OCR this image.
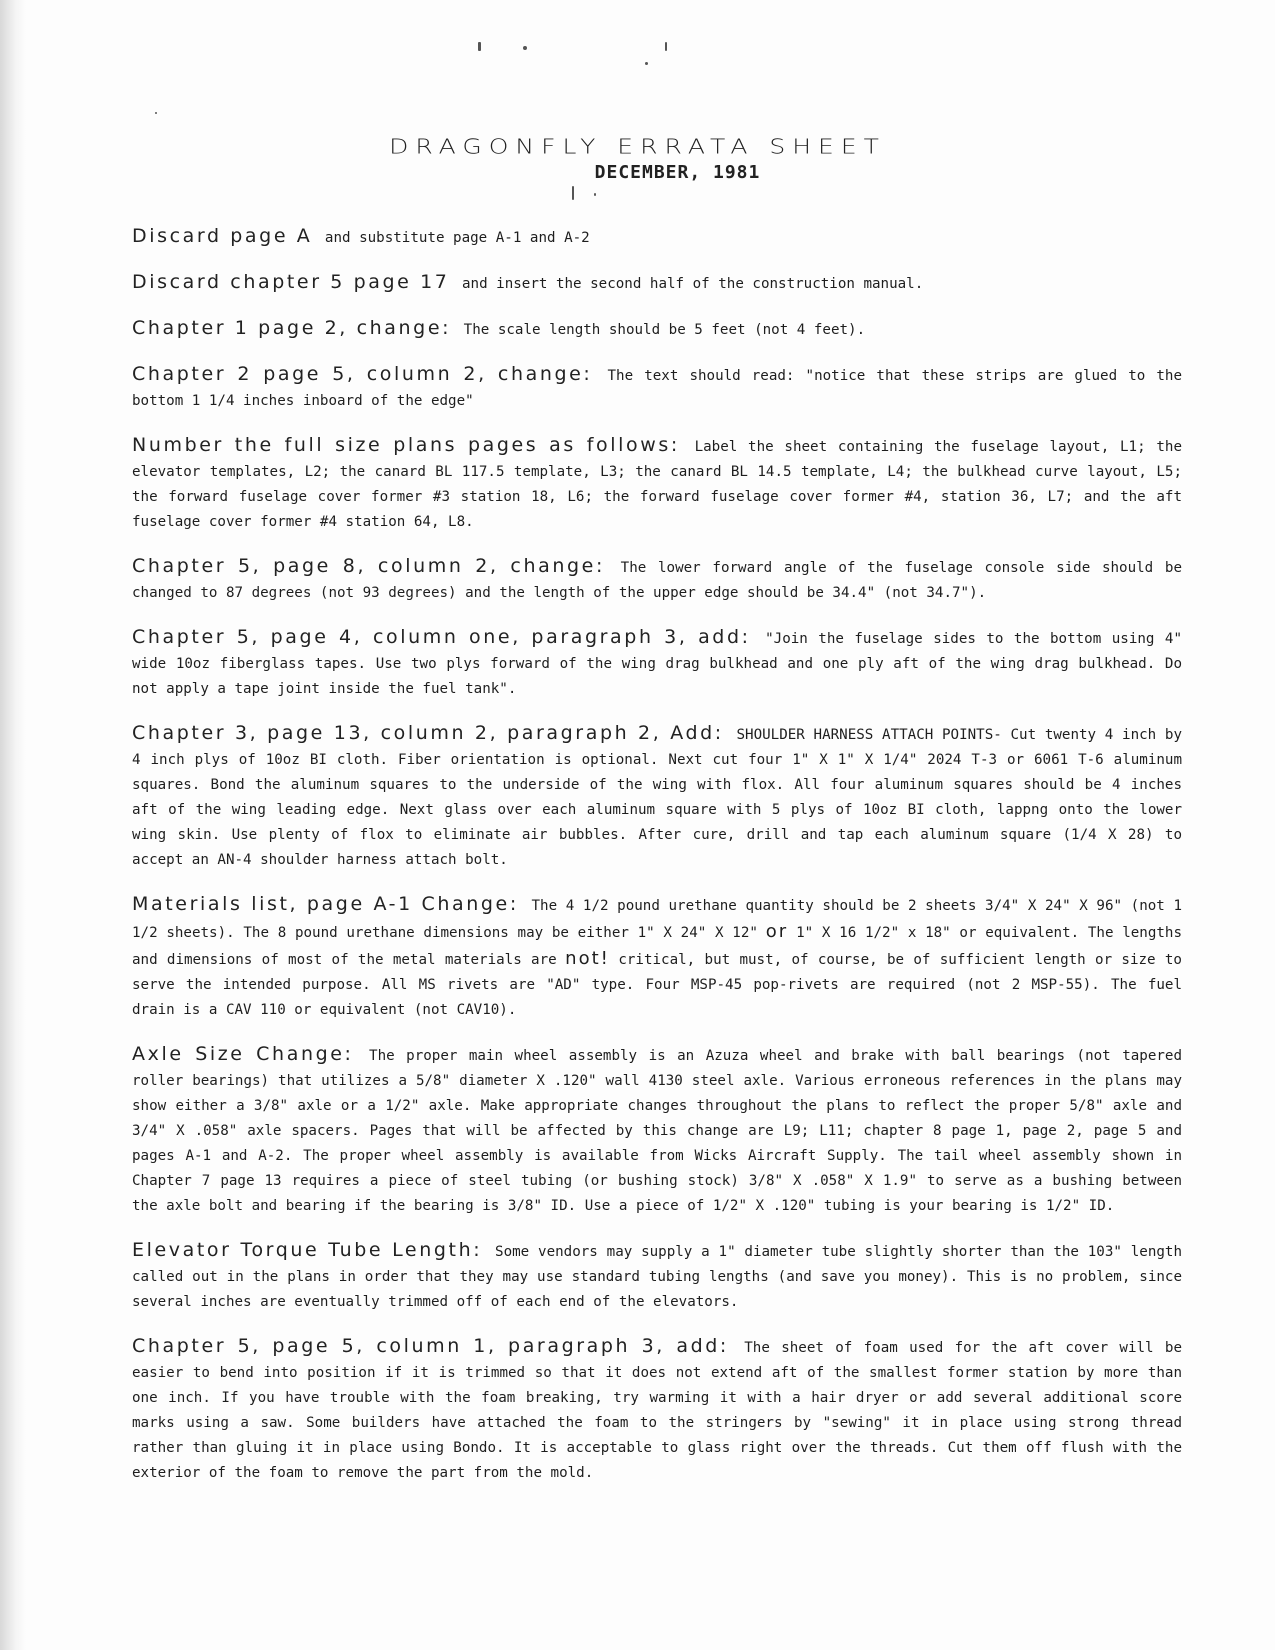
DRAGONFLY ERRATA SHEET
DECEMBER, 1981

Discard page A and substitute page A-1 and A-2

Discard chapter 5 page 17 and insert the second half of the construction manual.

Chapter 1 page 2, change: The scale length should be 5 feet (not 4 feet).

Chapter 2 page 5, column 2, change: The text should read: "notice that these strips are glued to the bottom 1 1/4 inches inboard of the edge"

Number the full size plans pages as follows: Label the sheet containing the fuselage layout, L1; the elevator templates, L2; the canard BL 117.5 template, L3; the canard BL 14.5 template, L4; the bulkhead curve layout, L5; the forward fuselage cover former #3 station 18, L6; the forward fuselage cover former #4, station 36, L7; and the aft fuselage cover former #4 station 64, L8.

Chapter 5, page 8, column 2, change: The lower forward angle of the fuselage console side should be changed to 87 degrees (not 93 degrees) and the length of the upper edge should be 34.4" (not 34.7").

Chapter 5, page 4, column one, paragraph 3, add: "Join the fuselage sides to the bottom using 4" wide 10oz fiberglass tapes. Use two plys forward of the wing drag bulkhead and one ply aft of the wing drag bulkhead. Do not apply a tape joint inside the fuel tank".

Chapter 3, page 13, column 2, paragraph 2, Add: SHOULDER HARNESS ATTACH POINTS- Cut twenty 4 inch by 4 inch plys of 10oz BI cloth. Fiber orientation is optional. Next cut four 1" X 1" X 1/4" 2024 T-3 or 6061 T-6 aluminum squares. Bond the aluminum squares to the underside of the wing with flox. All four aluminum squares should be 4 inches aft of the wing leading edge. Next glass over each aluminum square with 5 plys of 10oz BI cloth, lappng onto the lower wing skin. Use plenty of flox to eliminate air bubbles. After cure, drill and tap each aluminum square (1/4 X 28) to accept an AN-4 shoulder harness attach bolt.

Materials list, page A-1 Change: The 4 1/2 pound urethane quantity should be 2 sheets 3/4" X 24" X 96" (not 1 1/2 sheets). The 8 pound urethane dimensions may be either 1" X 24" X 12" or 1" X 16 1/2" x 18" or equivalent. The lengths and dimensions of most of the metal materials are not! critical, but must, of course, be of sufficient length or size to serve the intended purpose. All MS rivets are "AD" type. Four MSP-45 pop-rivets are required (not 2 MSP-55). The fuel drain is a CAV 110 or equivalent (not CAV10).

Axle Size Change: The proper main wheel assembly is an Azuza wheel and brake with ball bearings (not tapered roller bearings) that utilizes a 5/8" diameter X .120" wall 4130 steel axle. Various erroneous references in the plans may show either a 3/8" axle or a 1/2" axle. Make appropriate changes throughout the plans to reflect the proper 5/8" axle and 3/4" X .058" axle spacers. Pages that will be affected by this change are L9; L11; chapter 8 page 1, page 2, page 5 and pages A-1 and A-2. The proper wheel assembly is available from Wicks Aircraft Supply. The tail wheel assembly shown in Chapter 7 page 13 requires a piece of steel tubing (or bushing stock) 3/8" X .058" X 1.9" to serve as a bushing between the axle bolt and bearing if the bearing is 3/8" ID. Use a piece of 1/2" X .120" tubing is your bearing is 1/2" ID.

Elevator Torque Tube Length: Some vendors may supply a 1" diameter tube slightly shorter than the 103" length called out in the plans in order that they may use standard tubing lengths (and save you money). This is no problem, since several inches are eventually trimmed off of each end of the elevators.

Chapter 5, page 5, column 1, paragraph 3, add: The sheet of foam used for the aft cover will be easier to bend into position if it is trimmed so that it does not extend aft of the smallest former station by more than one inch. If you have trouble with the foam breaking, try warming it with a hair dryer or add several additional score marks using a saw. Some builders have attached the foam to the stringers by "sewing" it in place using strong thread rather than gluing it in place using Bondo. It is acceptable to glass right over the threads. Cut them off flush with the exterior of the foam to remove the part from the mold.
